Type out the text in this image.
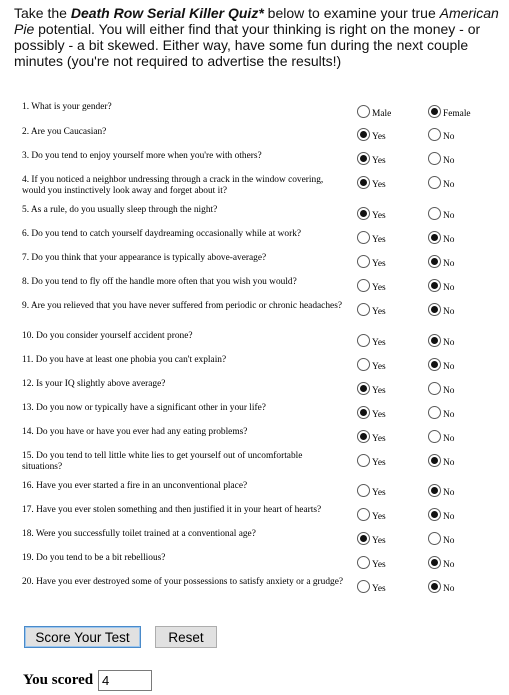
Take the Death Row Serial Killer Quiz* below to examine your true American Pie potential. You will either find that your thinking is right on the money - or possibly - a bit skewed. Either way, have some fun during the next couple minutes (you're not required to advertise the results!)
1. What is your gender?
Male	Female
2. Are you Caucasian?	Yes	No
3. Do you tend to enjoy yourself more when you're with others?	Yes	No
4. If you noticed a neighbor undressing through a crack in the window covering, would you instinctively look away and forget about it?
Yes	No
5. As a rule, do you usually sleep through the night?
Yes	No
6. Do you tend to catch yourself daydreaming occasionally while at work?
Yes	No
7. Do you think that your appearance is typically above-average?
Yes	No
8. Do you tend to fly off the handle more often that you wish you would?
Yes	No
9. Are you relieved that you have never suffered from periodic or chronic headaches?
Yes	No
10. Do you consider yourself accident prone?
Yes	No
11. Do you have at least one phobia you can't explain?
Yes	No
12. Is your IQ slightly above average?
Yes	No
13. Do you now or typically have a significant other in your life?
Yes	No
14. Do you have or have you ever had any eating problems?
Yes	No
15. Do you tend to tell little white lies to get yourself out of uncomfortable situations?	Yes	No
16. Have you ever started a fire in an unconventional place?
Yes	No
17. Have you ever stolen something and then justified it in your heart of hearts?
Yes	No
18. Were you successfully toilet trained at a conventional age?
Yes	No
19. Do you tend to be a bit rebellious?
Yes	No
20. Have you ever destroyed some of your possessions to satisfy anxiety or a grudge?
Yes	No
Score Your Test	Reset
You scored
4
